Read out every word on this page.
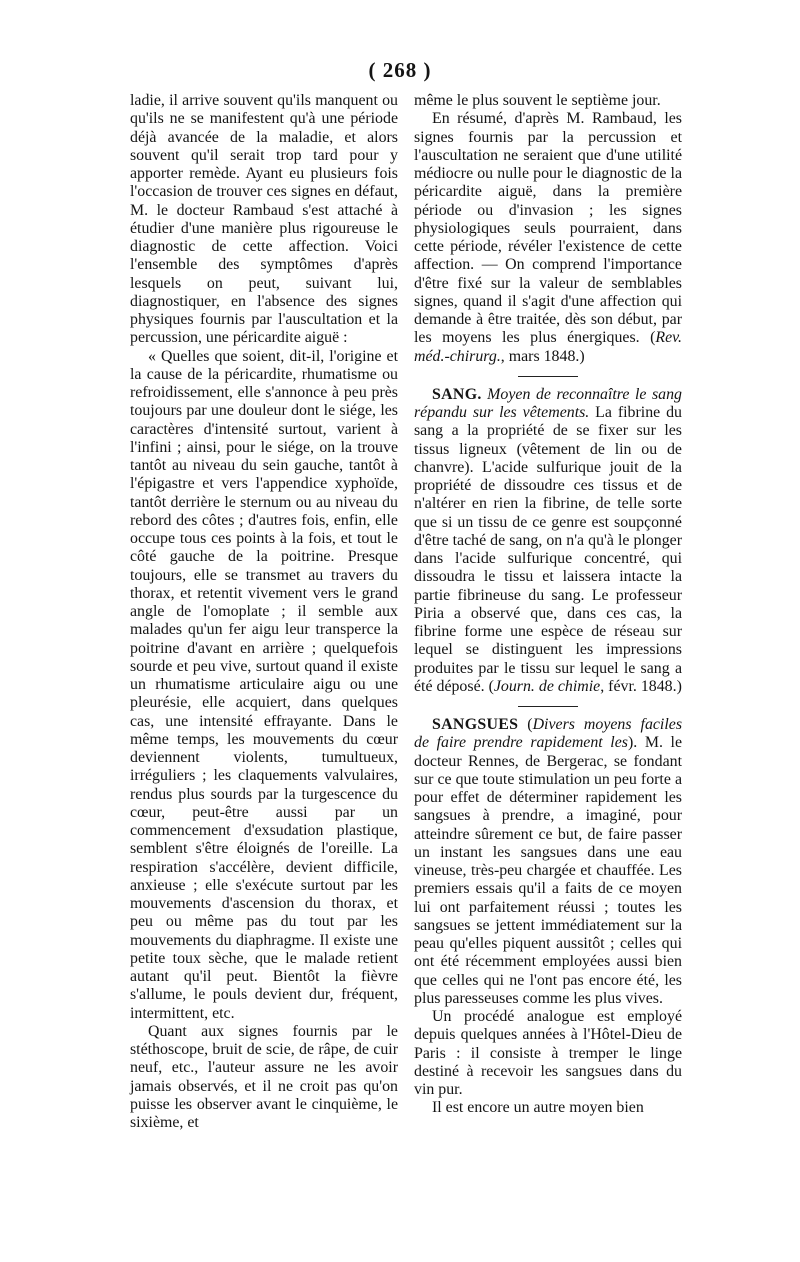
( 268 )

ladie, il arrive souvent qu'ils manquent ou qu'ils ne se manifestent qu'à une période déjà avancée de la maladie, et alors souvent qu'il serait trop tard pour y apporter remède. Ayant eu plusieurs fois l'occasion de trouver ces signes en défaut, M. le docteur Rambaud s'est attaché à étudier d'une manière plus rigoureuse le diagnostic de cette affection. Voici l'ensemble des symptômes d'après lesquels on peut, suivant lui, diagnostiquer, en l'absence des signes physiques fournis par l'auscultation et la percussion, une péricardite aiguë :

« Quelles que soient, dit-il, l'origine et la cause de la péricardite, rhumatisme ou refroidissement, elle s'annonce à peu près toujours par une douleur dont le siége, les caractères d'intensité surtout, varient à l'infini ; ainsi, pour le siége, on la trouve tantôt au niveau du sein gauche, tantôt à l'épigastre et vers l'appendice xyphoïde, tantôt derrière le sternum ou au niveau du rebord des côtes ; d'autres fois, enfin, elle occupe tous ces points à la fois, et tout le côté gauche de la poitrine. Presque toujours, elle se transmet au travers du thorax, et retentit vivement vers le grand angle de l'omoplate ; il semble aux malades qu'un fer aigu leur transperce la poitrine d'avant en arrière ; quelquefois sourde et peu vive, surtout quand il existe un rhumatisme articulaire aigu ou une pleurésie, elle acquiert, dans quelques cas, une intensité effrayante. Dans le même temps, les mouvements du cœur deviennent violents, tumultueux, irréguliers ; les claquements valvulaires, rendus plus sourds par la turgescence du cœur, peut-être aussi par un commencement d'exsudation plastique, semblent s'être éloignés de l'oreille. La respiration s'accélère, devient difficile, anxieuse ; elle s'exécute surtout par les mouvements d'ascension du thorax, et peu ou même pas du tout par les mouvements du diaphragme. Il existe une petite toux sèche, que le malade retient autant qu'il peut. Bientôt la fièvre s'allume, le pouls devient dur, fréquent, intermittent, etc.

Quant aux signes fournis par le stéthoscope, bruit de scie, de râpe, de cuir neuf, etc., l'auteur assure ne les avoir jamais observés, et il ne croit pas qu'on puisse les observer avant le cinquième, le sixième, et

même le plus souvent le septième jour.

En résumé, d'après M. Rambaud, les signes fournis par la percussion et l'auscultation ne seraient que d'une utilité médiocre ou nulle pour le diagnostic de la péricardite aiguë, dans la première période ou d'invasion ; les signes physiologiques seuls pourraient, dans cette période, révéler l'existence de cette affection. — On comprend l'importance d'être fixé sur la valeur de semblables signes, quand il s'agit d'une affection qui demande à être traitée, dès son début, par les moyens les plus énergiques. (Rev. méd.-chirurg., mars 1848.)

SANG. Moyen de reconnaître le sang répandu sur les vêtements. La fibrine du sang a la propriété de se fixer sur les tissus ligneux (vêtement de lin ou de chanvre). L'acide sulfurique jouit de la propriété de dissoudre ces tissus et de n'altérer en rien la fibrine, de telle sorte que si un tissu de ce genre est soupçonné d'être taché de sang, on n'a qu'à le plonger dans l'acide sulfurique concentré, qui dissoudra le tissu et laissera intacte la partie fibrineuse du sang. Le professeur Piria a observé que, dans ces cas, la fibrine forme une espèce de réseau sur lequel se distinguent les impressions produites par le tissu sur lequel le sang a été déposé. (Journ. de chimie, févr. 1848.)

SANGSUES (Divers moyens faciles de faire prendre rapidement les). M. le docteur Rennes, de Bergerac, se fondant sur ce que toute stimulation un peu forte a pour effet de déterminer rapidement les sangsues à prendre, a imaginé, pour atteindre sûrement ce but, de faire passer un instant les sangsues dans une eau vineuse, très-peu chargée et chauffée. Les premiers essais qu'il a faits de ce moyen lui ont parfaitement réussi ; toutes les sangsues se jettent immédiatement sur la peau qu'elles piquent aussitôt ; celles qui ont été récemment employées aussi bien que celles qui ne l'ont pas encore été, les plus paresseuses comme les plus vives.

Un procédé analogue est employé depuis quelques années à l'Hôtel-Dieu de Paris : il consiste à tremper le linge destiné à recevoir les sangsues dans du vin pur.

Il est encore un autre moyen bien
